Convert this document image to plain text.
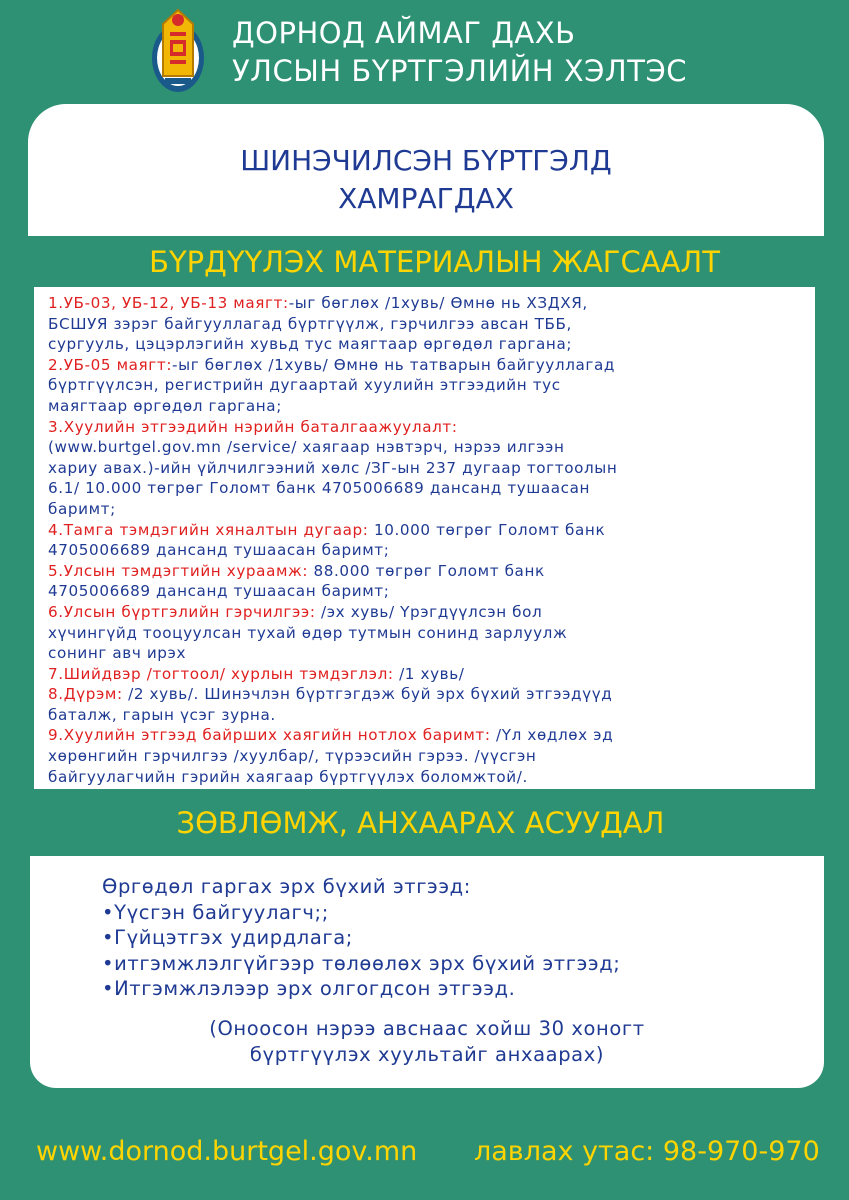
ДОРНОД АЙМАГ ДАХЬ
УЛСЫН БҮРТГЭЛИЙН ХЭЛТЭС
ШИНЭЧИЛСЭН БҮРТГЭЛД
ХАМРАГДАХ
БҮРДҮҮЛЭХ МАТЕРИАЛЫН ЖАГСААЛТ
1.УБ-03, УБ-12, УБ-13 маягт:-ыг бөглөх /1хувь/ Өмнө нь ХЗДХЯ,
БСШУЯ зэрэг байгууллагад бүртгүүлж, гэрчилгээ авсан ТББ,
сургууль, цэцэрлэгийн хувьд тус маягтаар өргөдөл гаргана;
2.УБ-05 маягт:-ыг бөглөх /1хувь/ Өмнө нь татварын байгууллагад
бүртгүүлсэн, регистрийн дугаартай хуулийн этгээдийн тус
маягтаар өргөдөл гаргана;
3.Хуулийн этгээдийн нэрийн баталгаажуулалт:
(www.burtgel.gov.mn /service/ хаягаар нэвтэрч, нэрээ илгээн
хариу авах.)-ийн үйлчилгээний хөлс /ЗГ-ын 237 дугаар тогтоолын
6.1/ 10.000 төгрөг Голомт банк 4705006689 дансанд тушаасан
баримт;
4.Тамга тэмдэгийн хяналтын дугаар: 10.000 төгрөг Голомт банк
4705006689 дансанд тушаасан баримт;
5.Улсын тэмдэгтийн хураамж: 88.000 төгрөг Голомт банк
4705006689 дансанд тушаасан баримт;
6.Улсын бүртгэлийн гэрчилгээ: /эх хувь/ Үрэгдүүлсэн бол
хүчингүйд тооцуулсан тухай өдөр тутмын сонинд зарлуулж
сонинг авч ирэх
7.Шийдвэр /тогтоол/ хурлын тэмдэглэл: /1 хувь/
8.Дүрэм: /2 хувь/. Шинэчлэн бүртгэгдэж буй эрх бүхий этгээдүүд
баталж, гарын үсэг зурна.
9.Хуулийн этгээд байрших хаягийн нотлох баримт: /Үл хөдлөх эд
хөрөнгийн гэрчилгээ /хуулбар/, түрээсийн гэрээ. /үүсгэн
байгуулагчийн гэрийн хаягаар бүртгүүлэх боломжтой/.
ЗӨВЛӨМЖ, АНХААРАХ АСУУДАЛ
Өргөдөл гаргах эрх бүхий этгээд:
•Үүсгэн байгуулагч;;
•Гүйцэтгэх удирдлага;
•итгэмжлэлгүйгээр төлөөлөх эрх бүхий этгээд;
•Итгэмжлэлээр эрх олгогдсон этгээд.
(Оноосон нэрээ авснаас хойш 30 хоногт
бүртгүүлэх хуультайг анхаарах)
www.dornod.burtgel.gov.mn лавлах утас: 98-970-970
